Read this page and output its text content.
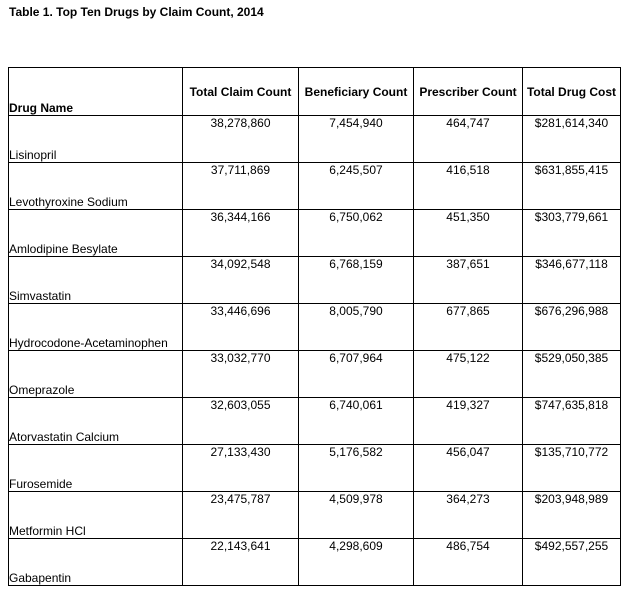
Table 1. Top Ten Drugs by Claim Count, 2014
Drug Name	Total Claim Count	Beneficiary Count	Prescriber Count	Total Drug Cost
Lisinopril	38,278,860	7,454,940	464,747	$281,614,340
Levothyroxine Sodium	37,711,869	6,245,507	416,518	$631,855,415
Amlodipine Besylate	36,344,166	6,750,062	451,350	$303,779,661
Simvastatin	34,092,548	6,768,159	387,651	$346,677,118
Hydrocodone-Acetaminophen	33,446,696	8,005,790	677,865	$676,296,988
Omeprazole	33,032,770	6,707,964	475,122	$529,050,385
Atorvastatin Calcium	32,603,055	6,740,061	419,327	$747,635,818
Furosemide	27,133,430	5,176,582	456,047	$135,710,772
Metformin HCl	23,475,787	4,509,978	364,273	$203,948,989
Gabapentin	22,143,641	4,298,609	486,754	$492,557,255
